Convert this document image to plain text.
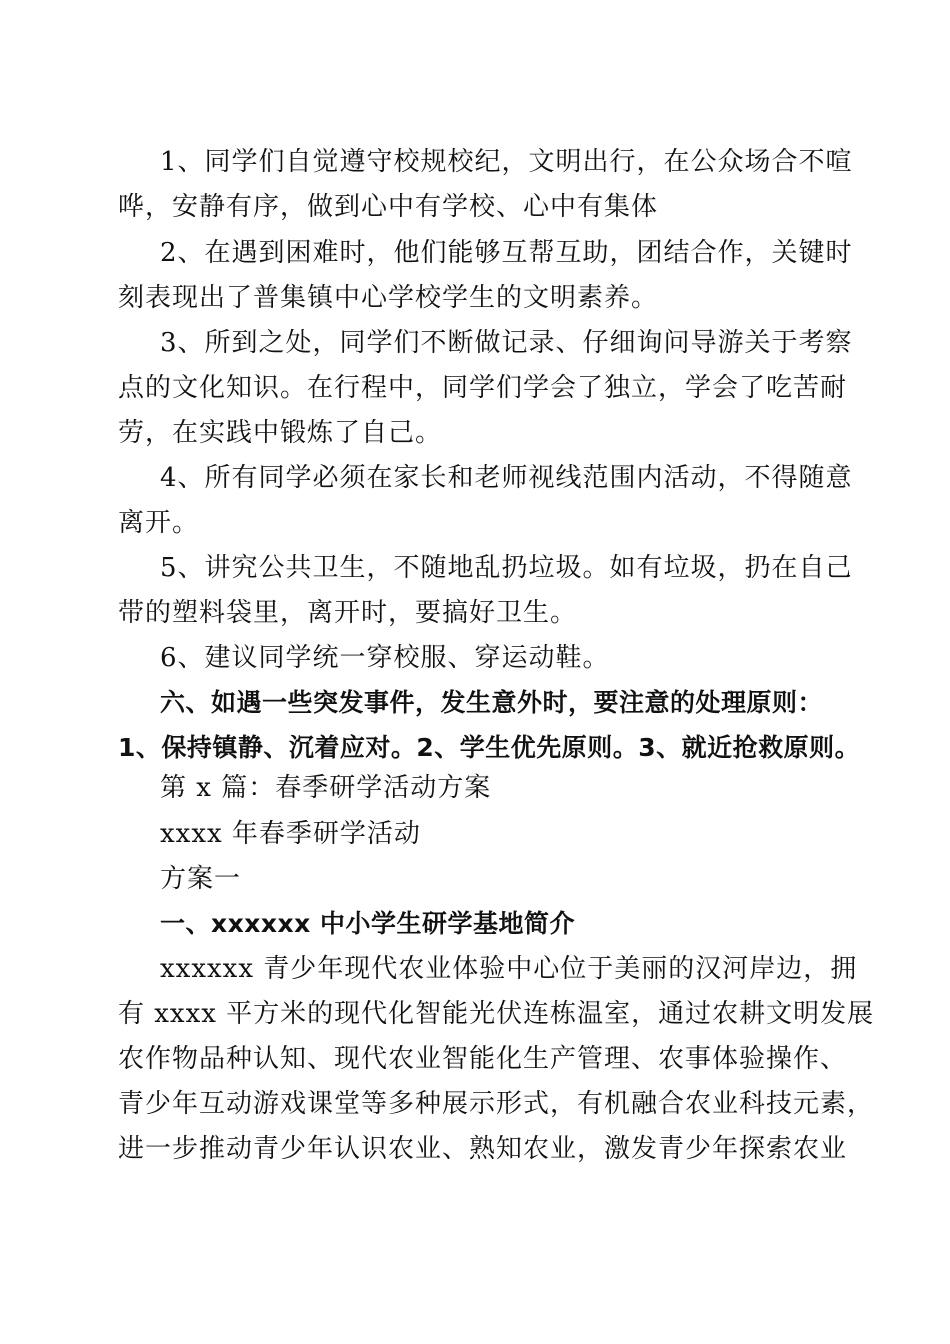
1、同学们自觉遵守校规校纪，文明出行，在公众场合不喧
哗，安静有序，做到心中有学校、心中有集体
2、在遇到困难时，他们能够互帮互助，团结合作，关键时
刻表现出了普集镇中心学校学生的文明素养。
3、所到之处，同学们不断做记录、仔细询问导游关于考察
点的文化知识。在行程中，同学们学会了独立，学会了吃苦耐
劳，在实践中锻炼了自己。
4、所有同学必须在家长和老师视线范围内活动，不得随意
离开。
5、讲究公共卫生，不随地乱扔垃圾。如有垃圾，扔在自己
带的塑料袋里，离开时，要搞好卫生。
6、建议同学统一穿校服、穿运动鞋。
六、如遇一些突发事件，发生意外时，要注意的处理原则：
1、保持镇静、沉着应对。2、学生优先原则。3、就近抢救原则。
第 x 篇：春季研学活动方案
xxxx 年春季研学活动
方案一
一、xxxxxx 中小学生研学基地简介
xxxxxx 青少年现代农业体验中心位于美丽的汉河岸边，拥
有 xxxx 平方米的现代化智能光伏连栋温室，通过农耕文明发展
农作物品种认知、现代农业智能化生产管理、农事体验操作、
青少年互动游戏课堂等多种展示形式，有机融合农业科技元素，
进一步推动青少年认识农业、熟知农业，激发青少年探索农业
